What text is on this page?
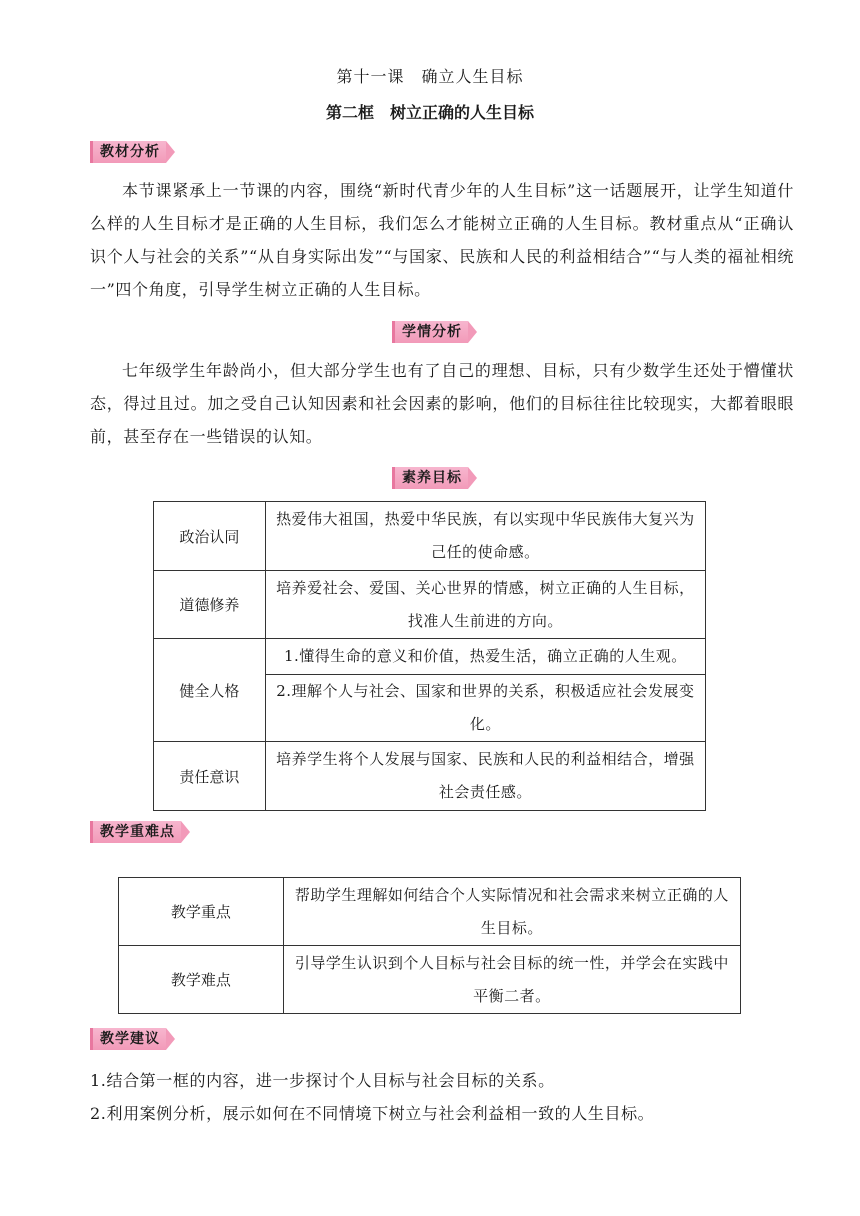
第十一课　确立人生目标
第二框　树立正确的人生目标
教材分析

本节课紧承上一节课的内容，围绕“新时代青少年的人生目标”这一话题展开，让学生知道什么样的人生目标才是正确的人生目标，我们怎么才能树立正确的人生目标。教材重点从“正确认识个人与社会的关系”“从自身实际出发”“与国家、民族和人民的利益相结合”“与人类的福祉相统一”四个角度，引导学生树立正确的人生目标。

学情分析

七年级学生年龄尚小，但大部分学生也有了自己的理想、目标，只有少数学生还处于懵懂状态，得过且过。加之受自己认知因素和社会因素的影响，他们的目标往往比较现实，大都着眼眼前，甚至存在一些错误的认知。

素养目标
政治认同	热爱伟大祖国，热爱中华民族，有以实现中华民族伟大复兴为己任的使命感。
道德修养	培养爱社会、爱国、关心世界的情感，树立正确的人生目标，找准人生前进的方向。
健全人格	1.懂得生命的意义和价值，热爱生活，确立正确的人生观。
	2.理解个人与社会、国家和世界的关系，积极适应社会发展变化。
责任意识	培养学生将个人发展与国家、民族和人民的利益相结合，增强社会责任感。
教学重难点
教学重点	帮助学生理解如何结合个人实际情况和社会需求来树立正确的人生目标。
教学难点	引导学生认识到个人目标与社会目标的统一性，并学会在实践中平衡二者。
教学建议
1.结合第一框的内容，进一步探讨个人目标与社会目标的关系。
2.利用案例分析，展示如何在不同情境下树立与社会利益相一致的人生目标。
